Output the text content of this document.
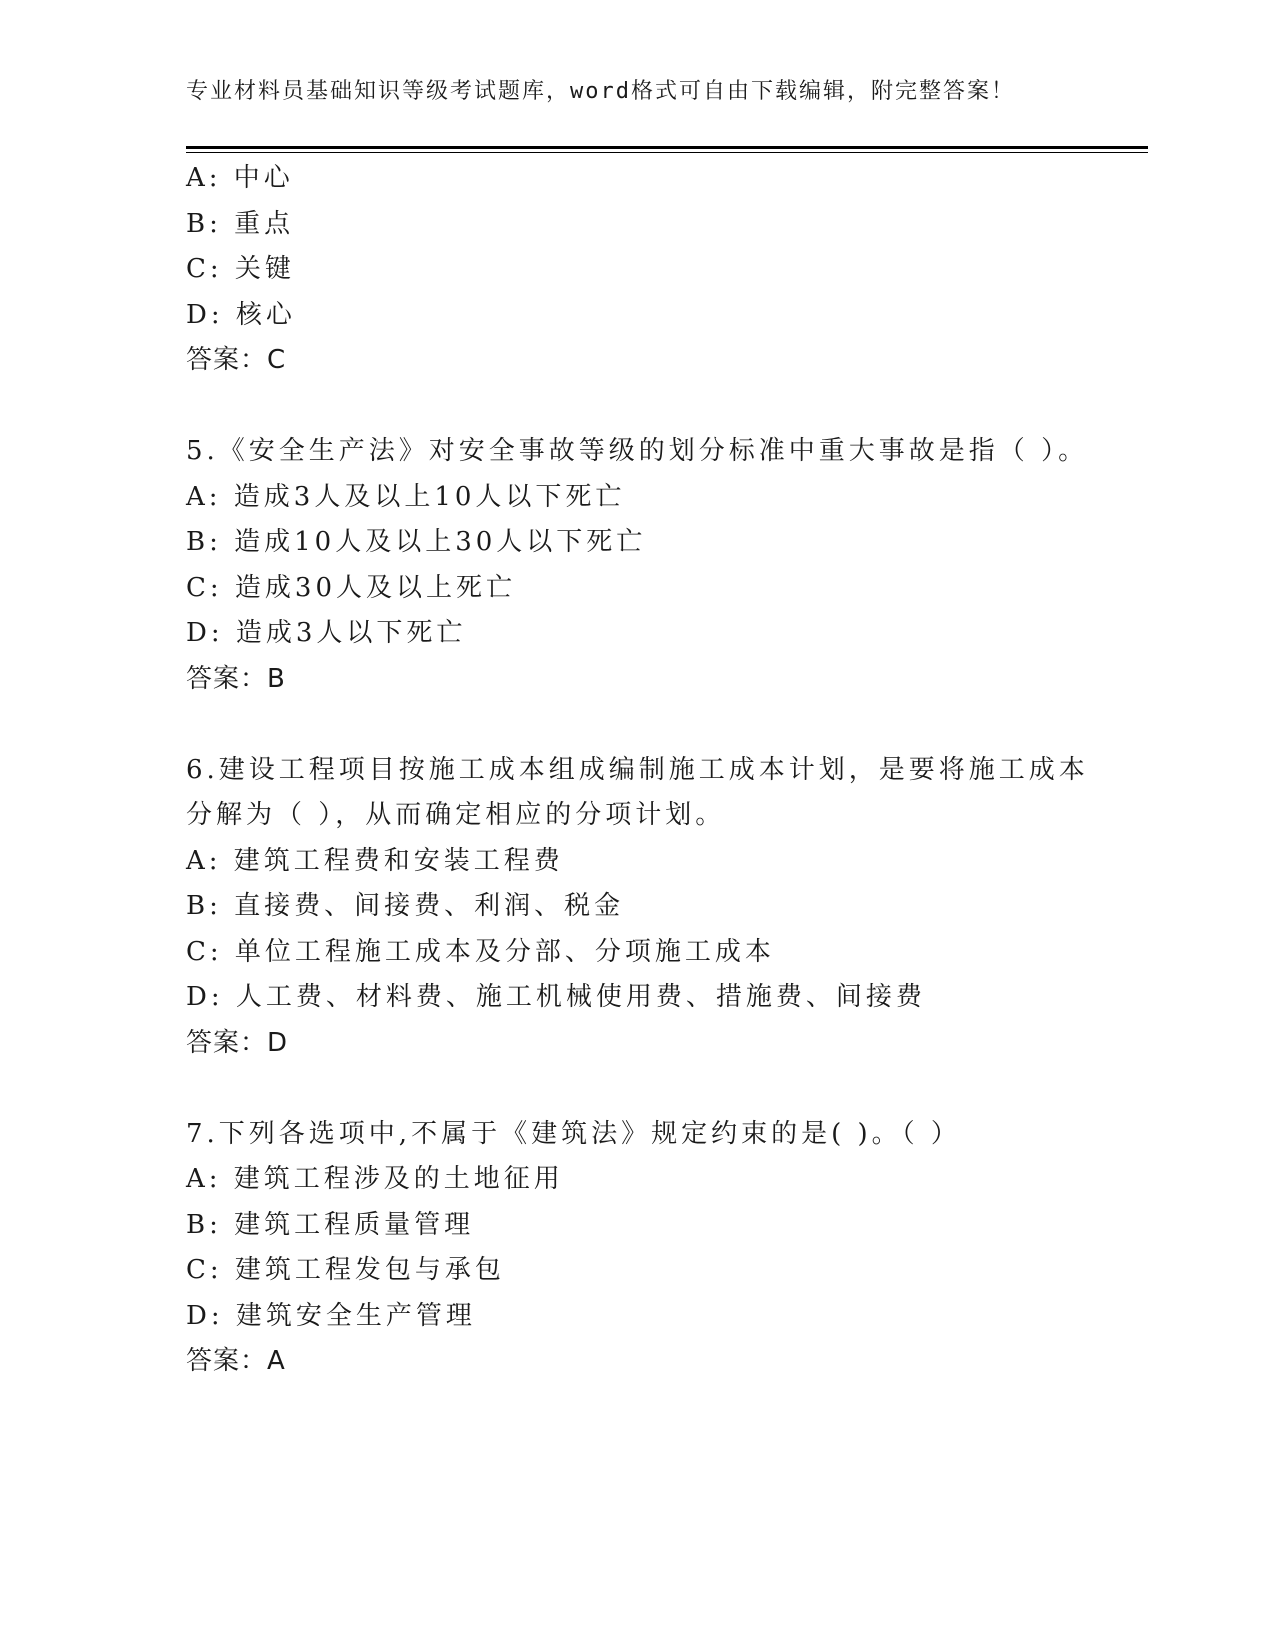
专业材料员基础知识等级考试题库，word格式可自由下载编辑，附完整答案！
A: 中心
B: 重点
C: 关键
D: 核心
答案：C
5.《安全生产法》对安全事故等级的划分标准中重大事故是指（ ）。
A: 造成3人及以上10人以下死亡
B: 造成10人及以上30人以下死亡
C: 造成30人及以上死亡
D: 造成3人以下死亡
答案：B
6.建设工程项目按施工成本组成编制施工成本计划，是要将施工成本
分解为（ ），从而确定相应的分项计划。
A: 建筑工程费和安装工程费
B: 直接费、间接费、利润、税金
C: 单位工程施工成本及分部、分项施工成本
D: 人工费、材料费、施工机械使用费、措施费、间接费
答案：D
7.下列各选项中,不属于《建筑法》规定约束的是( )。（ ）
A: 建筑工程涉及的土地征用
B: 建筑工程质量管理
C: 建筑工程发包与承包
D: 建筑安全生产管理
答案：A
